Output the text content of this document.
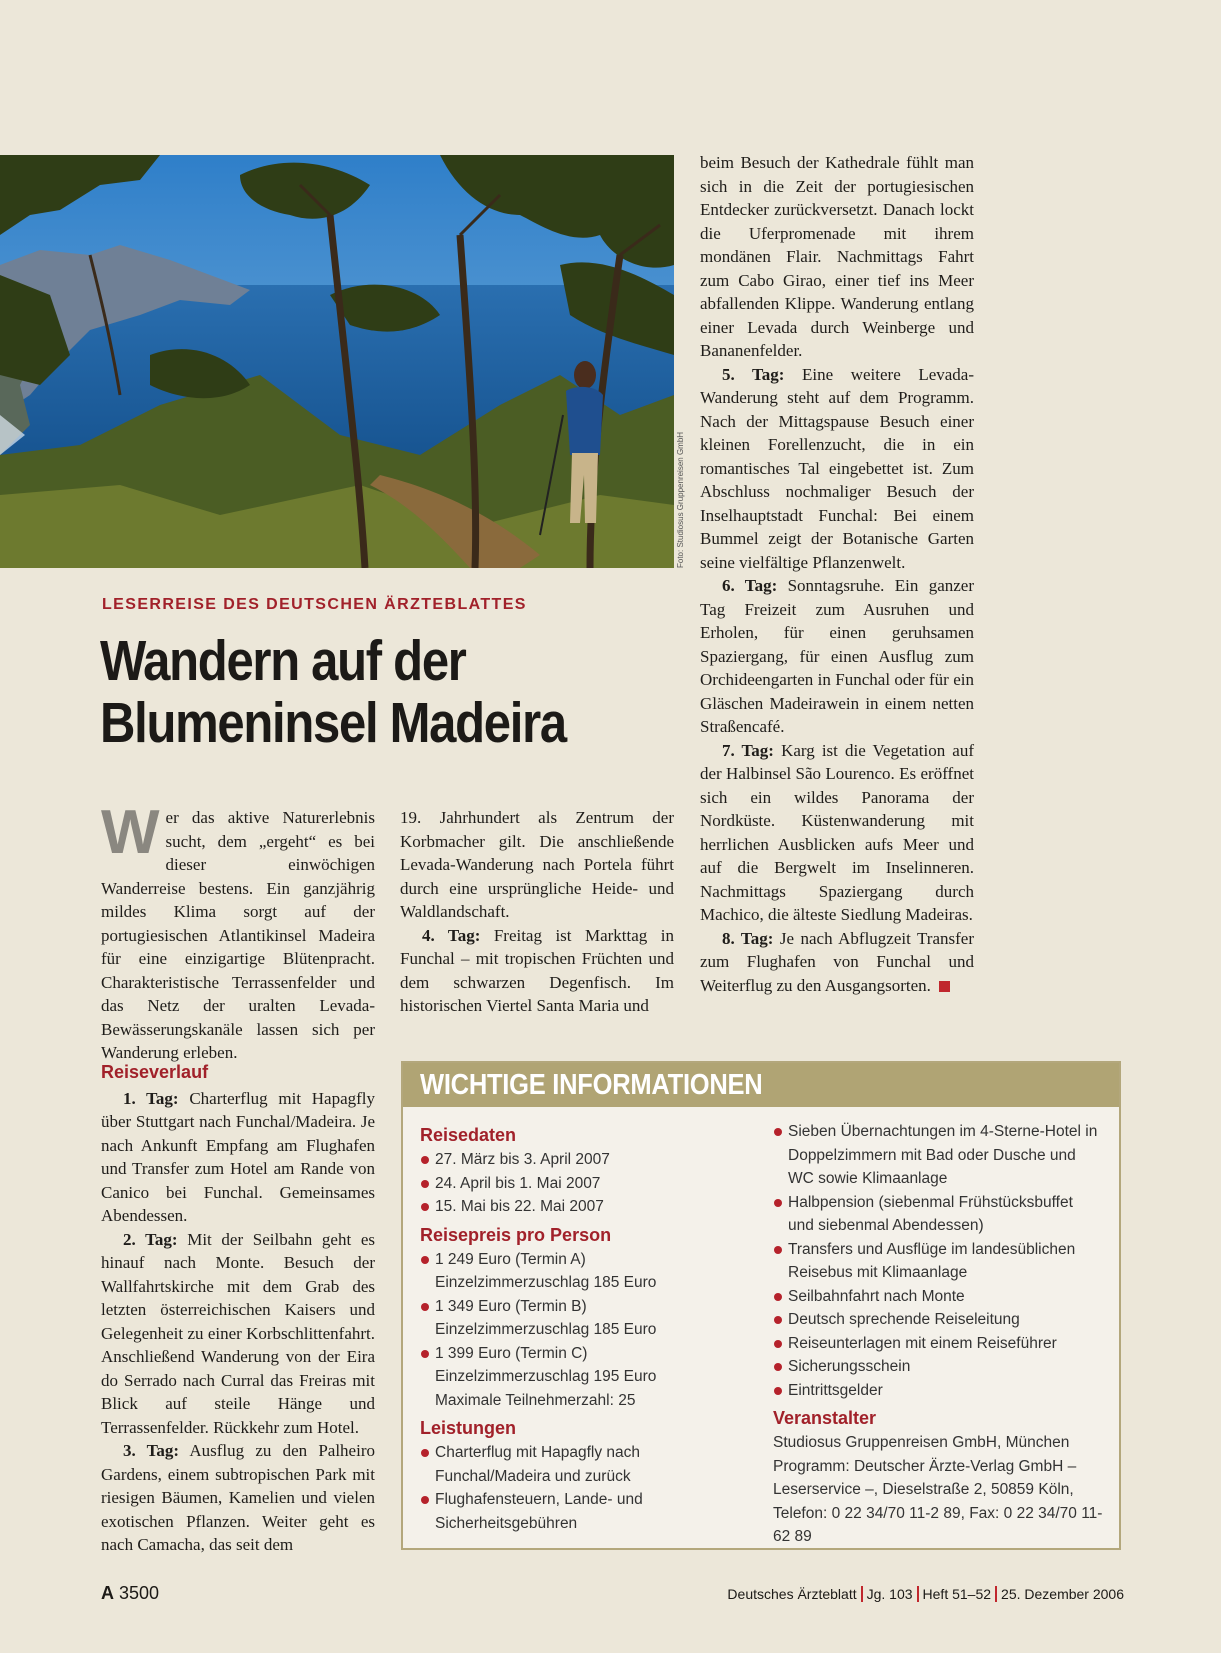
Foto: Studiosus Gruppenreisen GmbH
LESERREISE DES DEUTSCHEN ÄRZTEBLATTES
Wandern auf der
Blumeninsel Madeira

Wer das aktive Naturerlebnis sucht, dem „ergeht“ es bei dieser einwöchigen Wanderreise bestens. Ein ganzjährig mildes Klima sorgt auf der portugiesischen Atlantikinsel Madeira für eine einzigartige Blütenpracht. Charakteristische Terrassenfelder und das Netz der uralten Levada-Bewässerungskanäle lassen sich per Wanderung erleben.

Reiseverlauf

1. Tag: Charterflug mit Hapagfly über Stuttgart nach Funchal/Madeira. Je nach Ankunft Empfang am Flughafen und Transfer zum Hotel am Rande von Canico bei Funchal. Gemeinsames Abendessen.

2. Tag: Mit der Seilbahn geht es hinauf nach Monte. Besuch der Wallfahrtskirche mit dem Grab des letzten österreichischen Kaisers und Gelegenheit zu einer Korbschlittenfahrt. Anschließend Wanderung von der Eira do Serrado nach Curral das Freiras mit Blick auf steile Hänge und Terrassenfelder. Rückkehr zum Hotel.

3. Tag: Ausflug zu den Palheiro Gardens, einem subtropischen Park mit riesigen Bäumen, Kamelien und vielen exotischen Pflanzen. Weiter geht es nach Camacha, das seit dem

19. Jahrhundert als Zentrum der Korbmacher gilt. Die anschließende Levada-Wanderung nach Portela führt durch eine ursprüngliche Heide- und Waldlandschaft.

4. Tag: Freitag ist Markttag in Funchal – mit tropischen Früchten und dem schwarzen Degenfisch. Im historischen Viertel Santa Maria und

beim Besuch der Kathedrale fühlt man sich in die Zeit der portugiesischen Entdecker zurückversetzt. Danach lockt die Uferpromenade mit ihrem mondänen Flair. Nachmittags Fahrt zum Cabo Girao, einer tief ins Meer abfallenden Klippe. Wanderung entlang einer Levada durch Weinberge und Bananenfelder.

5. Tag: Eine weitere Levada-Wanderung steht auf dem Programm. Nach der Mittagspause Besuch einer kleinen Forellenzucht, die in ein romantisches Tal eingebettet ist. Zum Abschluss nochmaliger Besuch der Inselhauptstadt Funchal: Bei einem Bummel zeigt der Botanische Garten seine vielfältige Pflanzenwelt.

6. Tag: Sonntagsruhe. Ein ganzer Tag Freizeit zum Ausruhen und Erholen, für einen geruhsamen Spaziergang, für einen Ausflug zum Orchideengarten in Funchal oder für ein Gläschen Madeirawein in einem netten Straßencafé.

7. Tag: Karg ist die Vegetation auf der Halbinsel São Lourenco. Es eröffnet sich ein wildes Panorama der Nordküste. Küstenwanderung mit herrlichen Ausblicken aufs Meer und auf die Bergwelt im Inselinneren. Nachmittags Spaziergang durch Machico, die älteste Siedlung Madeiras.

8. Tag: Je nach Abflugzeit Transfer zum Flughafen von Funchal und Weiterflug zu den Ausgangsorten.

WICHTIGE INFORMATIONEN
Reisedaten
27. März bis 3. April 2007
24. April bis 1. Mai 2007
15. Mai bis 22. Mai 2007
Reisepreis pro Person
1 249 Euro (Termin A)
Einzelzimmerzuschlag 185 Euro
1 349 Euro (Termin B)
Einzelzimmerzuschlag 185 Euro
1 399 Euro (Termin C)
Einzelzimmerzuschlag 195 Euro

Maximale Teilnehmerzahl: 25

Leistungen
Charterflug mit Hapagfly nach Funchal/Madeira und zurück
Flughafensteuern, Lande- und Sicherheitsgebühren
Sieben Übernachtungen im 4-Sterne-Hotel in Doppelzimmern mit Bad oder Dusche und WC sowie Klimaanlage
Halbpension (siebenmal Frühstücksbuffet und siebenmal Abendessen)
Transfers und Ausflüge im landesüblichen Reisebus mit Klimaanlage
Seilbahnfahrt nach Monte
Deutsch sprechende Reiseleitung
Reiseunterlagen mit einem Reiseführer
Sicherungsschein
Eintrittsgelder
Veranstalter

Studiosus Gruppenreisen GmbH, München Programm: Deutscher Ärzte-Verlag GmbH – Leserservice –, Dieselstraße 2, 50859 Köln, Telefon: 0 22 34/70 11-2 89, Fax: 0 22 34/70 11-62 89

A 3500	Deutsches Ärzteblatt Jg. 103 Heft 51–52 25. Dezember 2006
